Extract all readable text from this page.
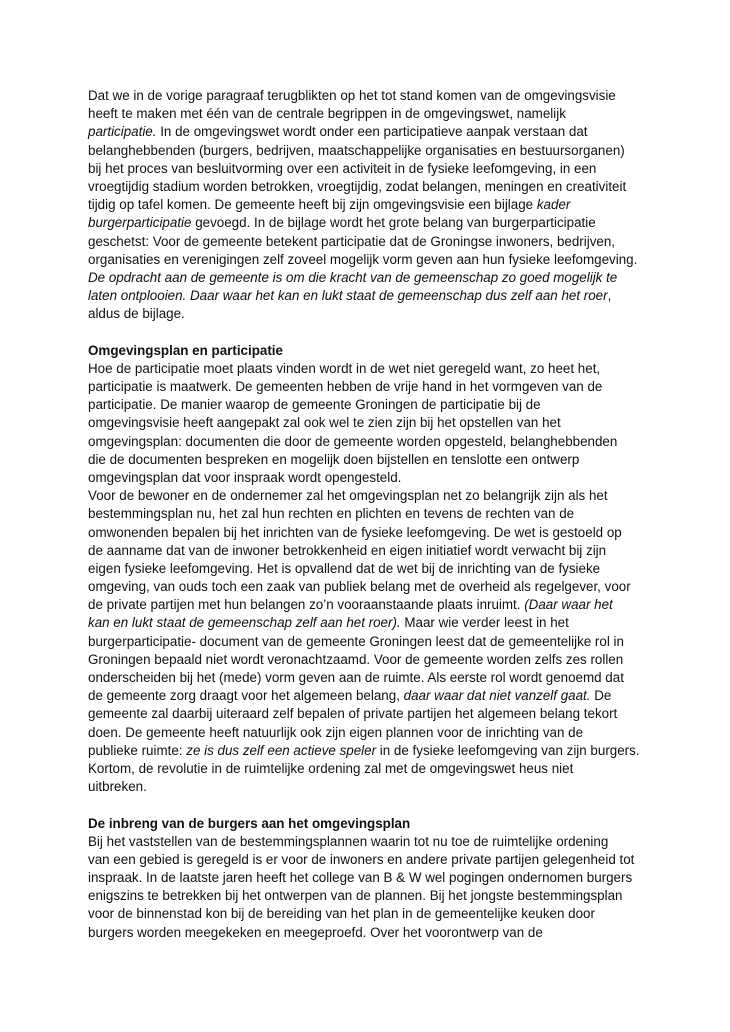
Dat we in de vorige paragraaf terugblikten op het tot stand komen van de omgevingsvisie
heeft te maken met één van de centrale begrippen in de omgevingswet, namelijk
participatie. In de omgevingswet wordt onder een participatieve aanpak verstaan dat
belanghebbenden (burgers, bedrijven, maatschappelijke organisaties en bestuursorganen)
bij het proces van besluitvorming over een activiteit in de fysieke leefomgeving, in een
vroegtijdig stadium worden betrokken, vroegtijdig, zodat belangen, meningen en creativiteit
tijdig op tafel komen. De gemeente heeft bij zijn omgevingsvisie een bijlage kader
burgerparticipatie gevoegd. In de bijlage wordt het grote belang van burgerparticipatie
geschetst: Voor de gemeente betekent participatie dat de Groningse inwoners, bedrijven,
organisaties en verenigingen zelf zoveel mogelijk vorm geven aan hun fysieke leefomgeving.
De opdracht aan de gemeente is om die kracht van de gemeenschap zo goed mogelijk te
laten ontplooien. Daar waar het kan en lukt staat de gemeenschap dus zelf aan het roer,
aldus de bijlage.
Omgevingsplan en participatie
Hoe de participatie moet plaats vinden wordt in de wet niet geregeld want, zo heet het,
participatie is maatwerk. De gemeenten hebben de vrije hand in het vormgeven van de
participatie. De manier waarop de gemeente Groningen de participatie bij de
omgevingsvisie heeft aangepakt zal ook wel te zien zijn bij het opstellen van het
omgevingsplan: documenten die door de gemeente worden opgesteld, belanghebbenden
die de documenten bespreken en mogelijk doen bijstellen en tenslotte een ontwerp
omgevingsplan dat voor inspraak wordt opengesteld.
Voor de bewoner en de ondernemer zal het omgevingsplan net zo belangrijk zijn als het
bestemmingsplan nu, het zal hun rechten en plichten en tevens de rechten van de
omwonenden bepalen bij het inrichten van de fysieke leefomgeving. De wet is gestoeld op
de aanname dat van de inwoner betrokkenheid en eigen initiatief wordt verwacht bij zijn
eigen fysieke leefomgeving. Het is opvallend dat de wet bij de inrichting van de fysieke
omgeving, van ouds toch een zaak van publiek belang met de overheid als regelgever, voor
de private partijen met hun belangen zo’n vooraanstaande plaats inruimt. (Daar waar het
kan en lukt staat de gemeenschap zelf aan het roer). Maar wie verder leest in het
burgerparticipatie- document van de gemeente Groningen leest dat de gemeentelijke rol in
Groningen bepaald niet wordt veronachtzaamd. Voor de gemeente worden zelfs zes rollen
onderscheiden bij het (mede) vorm geven aan de ruimte. Als eerste rol wordt genoemd dat
de gemeente zorg draagt voor het algemeen belang, daar waar dat niet vanzelf gaat. De
gemeente zal daarbij uiteraard zelf bepalen of private partijen het algemeen belang tekort
doen. De gemeente heeft natuurlijk ook zijn eigen plannen voor de inrichting van de
publieke ruimte: ze is dus zelf een actieve speler in de fysieke leefomgeving van zijn burgers.
Kortom, de revolutie in de ruimtelijke ordening zal met de omgevingswet heus niet
uitbreken.
De inbreng van de burgers aan het omgevingsplan
Bij het vaststellen van de bestemmingsplannen waarin tot nu toe de ruimtelijke ordening
van een gebied is geregeld is er voor de inwoners en andere private partijen gelegenheid tot
inspraak. In de laatste jaren heeft het college van B & W wel pogingen ondernomen burgers
enigszins te betrekken bij het ontwerpen van de plannen. Bij het jongste bestemmingsplan
voor de binnenstad kon bij de bereiding van het plan in de gemeentelijke keuken door
burgers worden meegekeken en meegeproefd. Over het voorontwerp van de
